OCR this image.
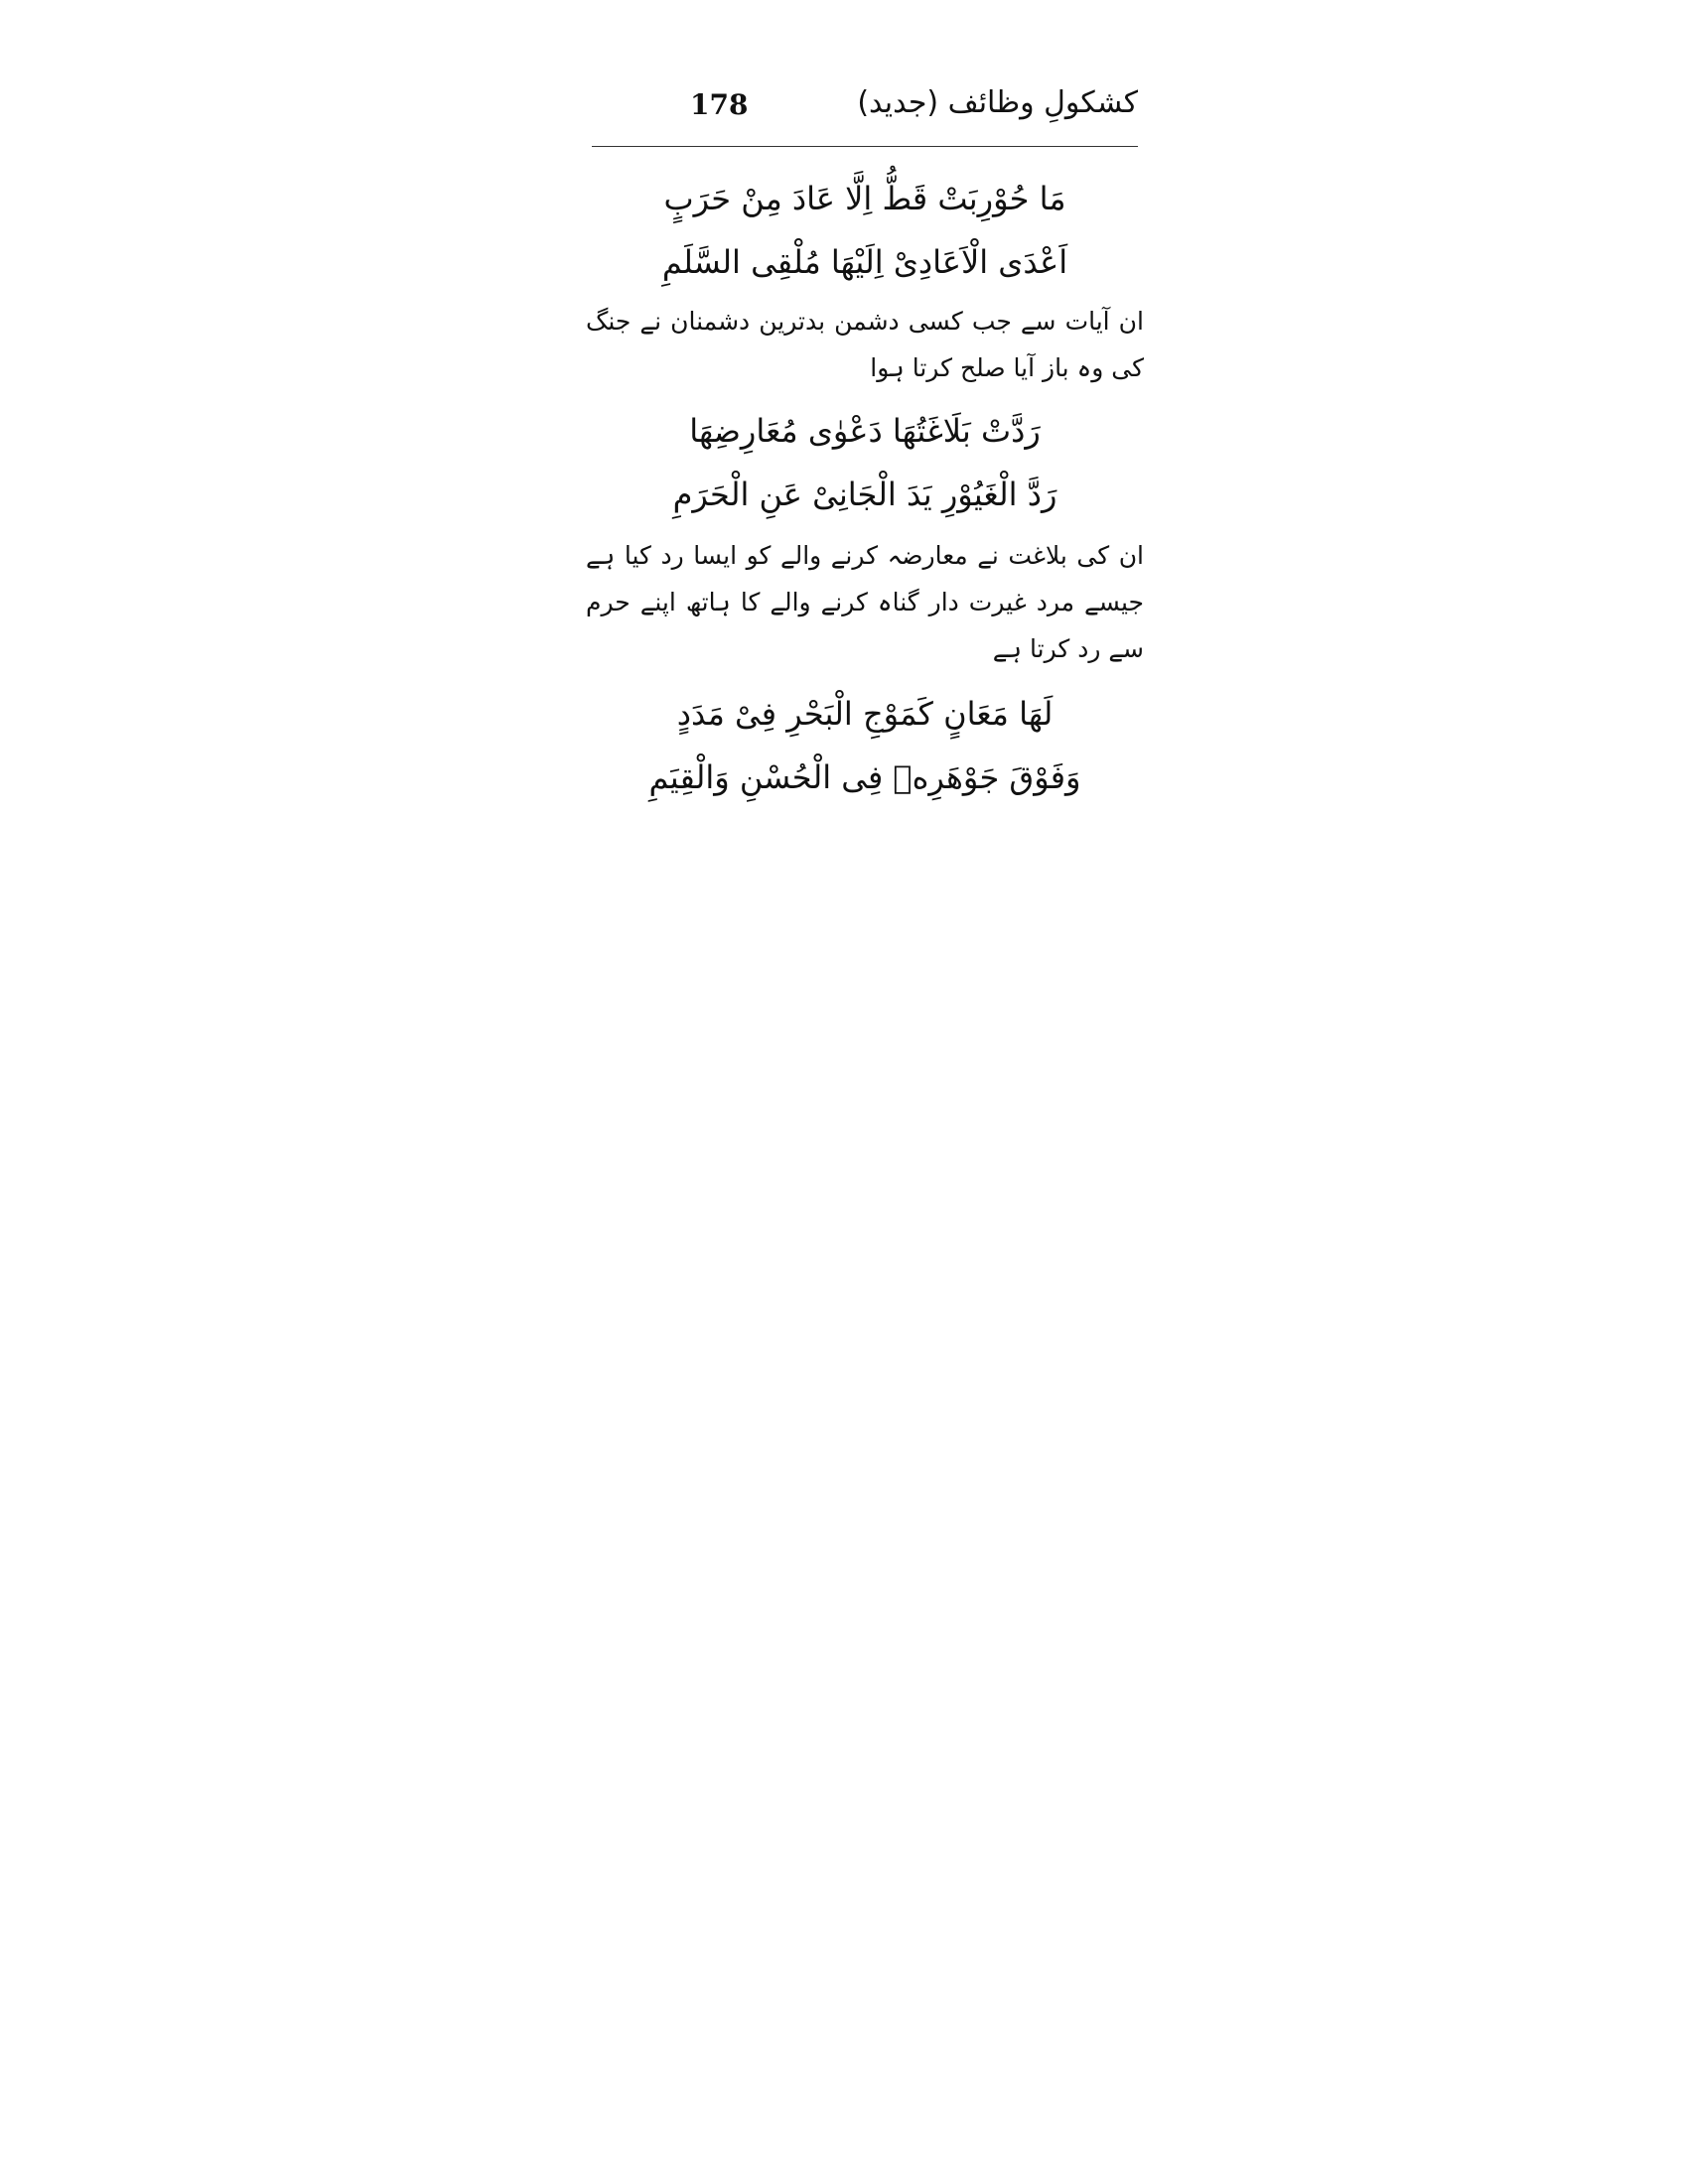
کشکولِ وظائف (جدید)
178
مَا حُوْرِبَتْ قَطُّ اِلَّا عَادَ مِنْ حَرَبٍ
اَعْدَی الْاَعَادِیْ اِلَیْهَا مُلْقِی السَّلَمِ

ان آیات سے جب کسی دشمن بدترین دشمنان نے جنگ کی وہ باز آیا صلح کرتا ہوا

رَدَّتْ بَلَاغَتُهَا دَعْوٰی مُعَارِضِهَا
رَدَّ الْغَیُوْرِ یَدَ الْجَانِیْ عَنِ الْحَرَمِ

ان کی بلاغت نے معارضہ کرنے والے کو ایسا رد کیا ہے جیسے مرد غیرت دار گناہ کرنے والے کا ہاتھ اپنے حرم سے رد کرتا ہے

لَهَا مَعَانٍ کَمَوْجِ الْبَحْرِ فِیْ مَدَدٍ
وَفَوْقَ جَوْهَرِهٖ فِی الْحُسْنِ وَالْقِیَمِ
